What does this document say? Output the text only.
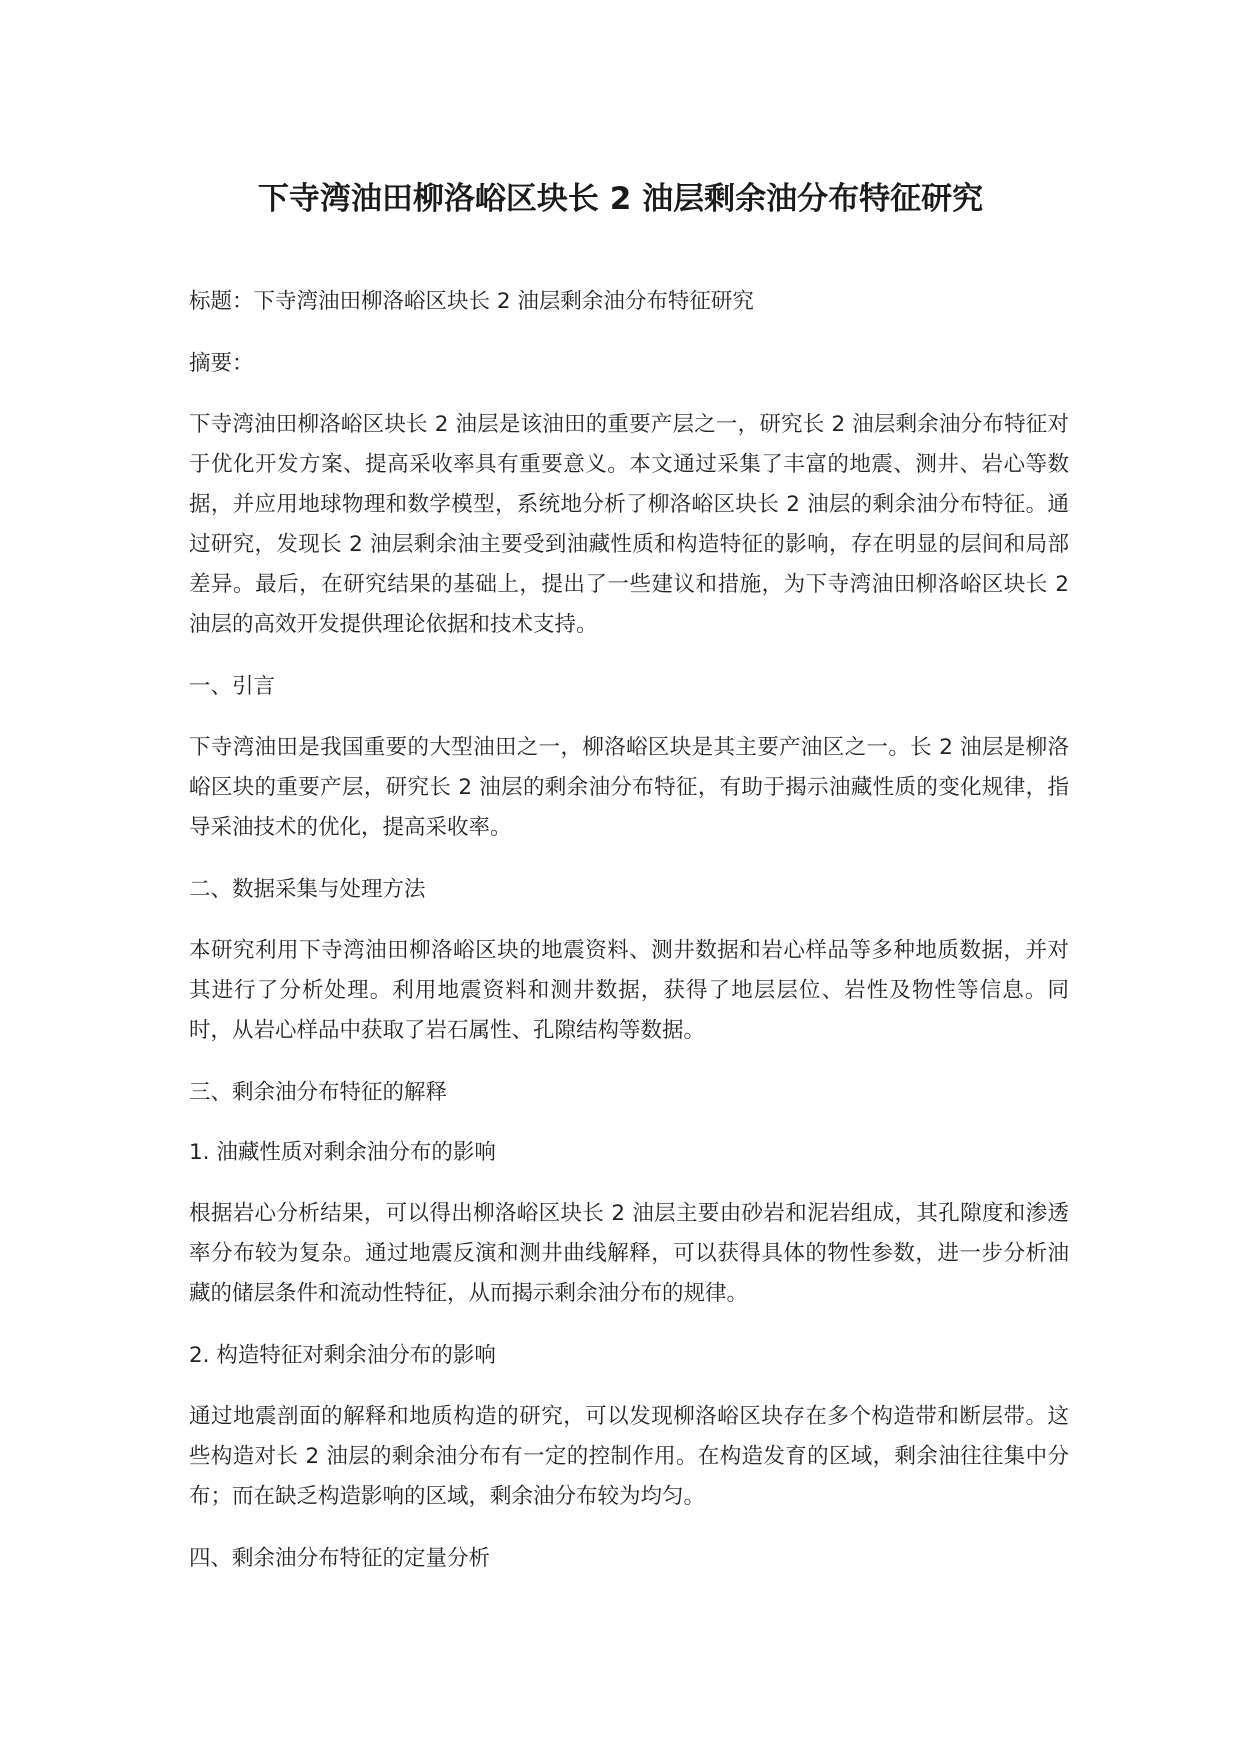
下寺湾油田柳洛峪区块长 2 油层剩余油分布特征研究

标题：下寺湾油田柳洛峪区块长 2 油层剩余油分布特征研究

摘要：

下寺湾油田柳洛峪区块长 2 油层是该油田的重要产层之一，研究长 2 油层剩余油分布特征对于优化开发方案、提高采收率具有重要意义。本文通过采集了丰富的地震、测井、岩心等数据，并应用地球物理和数学模型，系统地分析了柳洛峪区块长 2 油层的剩余油分布特征。通过研究，发现长 2 油层剩余油主要受到油藏性质和构造特征的影响，存在明显的层间和局部差异。最后，在研究结果的基础上，提出了一些建议和措施，为下寺湾油田柳洛峪区块长 2 油层的高效开发提供理论依据和技术支持。

一、引言

下寺湾油田是我国重要的大型油田之一，柳洛峪区块是其主要产油区之一。长 2 油层是柳洛峪区块的重要产层，研究长 2 油层的剩余油分布特征，有助于揭示油藏性质的变化规律，指导采油技术的优化，提高采收率。

二、数据采集与处理方法

本研究利用下寺湾油田柳洛峪区块的地震资料、测井数据和岩心样品等多种地质数据，并对其进行了分析处理。利用地震资料和测井数据，获得了地层层位、岩性及物性等信息。同时，从岩心样品中获取了岩石属性、孔隙结构等数据。

三、剩余油分布特征的解释

1. 油藏性质对剩余油分布的影响

根据岩心分析结果，可以得出柳洛峪区块长 2 油层主要由砂岩和泥岩组成，其孔隙度和渗透率分布较为复杂。通过地震反演和测井曲线解释，可以获得具体的物性参数，进一步分析油藏的储层条件和流动性特征，从而揭示剩余油分布的规律。

2. 构造特征对剩余油分布的影响

通过地震剖面的解释和地质构造的研究，可以发现柳洛峪区块存在多个构造带和断层带。这些构造对长 2 油层的剩余油分布有一定的控制作用。在构造发育的区域，剩余油往往集中分布；而在缺乏构造影响的区域，剩余油分布较为均匀。

四、剩余油分布特征的定量分析
